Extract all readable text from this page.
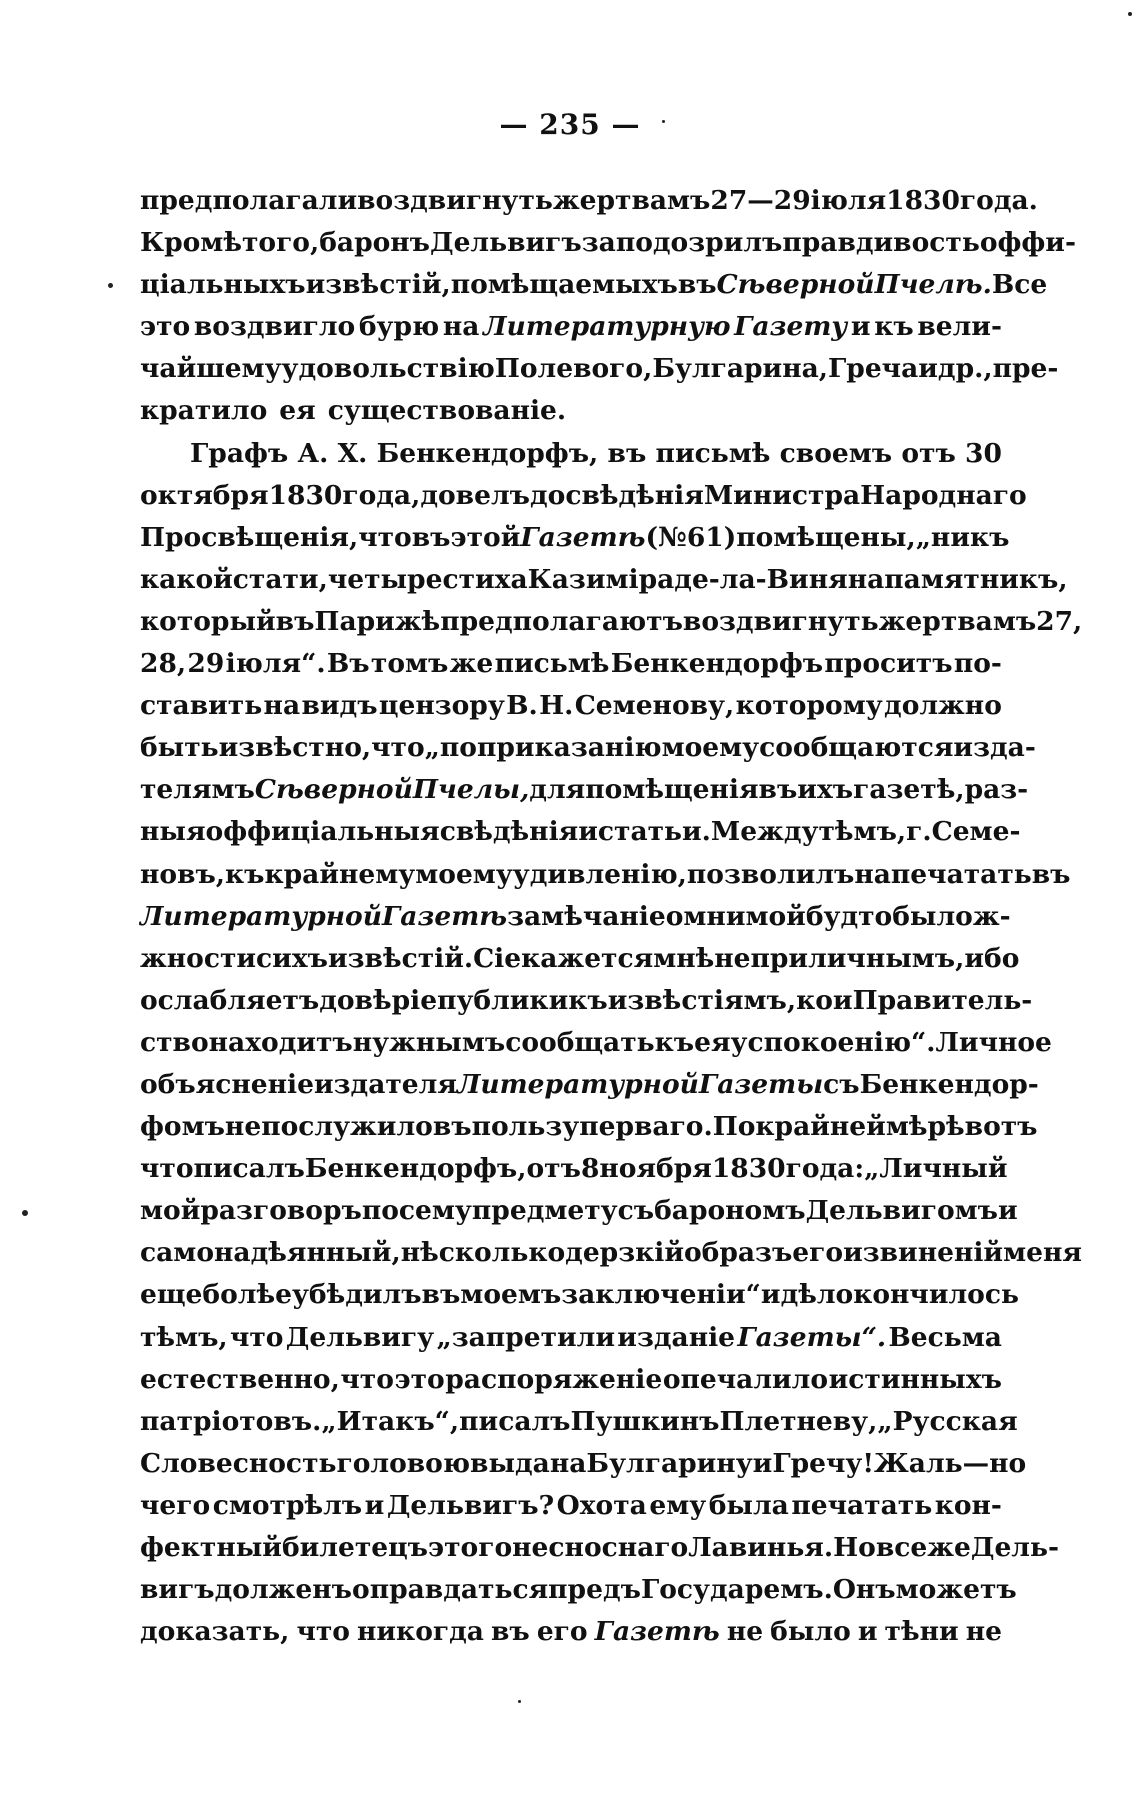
— 235 —
предполагали воздвигнуть жертвамъ 27—29 іюля 1830 года.
Кромѣ того, баронъ Дельвигъ заподозрилъ правдивость оффи-
ціальныхъ извѣстій, помѣщаемыхъ въ Сѣверной Пчелѣ. Все
это воздвигло бурю на Литературную Газету и къ вели-
чайшему удовольствію Полевого, Булгарина, Греча и др., пре-
кратило ея существованіе.
Графъ А. Х. Бенкендорфъ, въ письмѣ своемъ отъ 30
октября 1830 года, довелъ до свѣдѣнія Министра Народнаго
Просвѣщенія, что въ этой Газетѣ (№ 61) помѣщены, „ни къ
какой стати, четыре стиха Казиміра де-ла-Виня на памятникъ,
который въ Парижѣ предполагаютъ воздвигнуть жертвамъ 27,
28, 29 іюля“. Въ томъ же письмѣ Бенкендорфъ проситъ по-
ставить на видъ цензору В. Н. Семенову, которому должно
быть извѣстно, что „по приказанію моему сообщаются изда-
телямъ Сѣверной Пчелы, для помѣщенія въ ихъ газетѣ, раз-
ныя оффиціальныя свѣдѣнія и статьи. Между тѣмъ, г. Семе-
новъ, къ крайнему моему удивленію, позволилъ напечатать въ
Литературной Газетѣ замѣчаніе о мнимой будто бы лож-
жности сихъ извѣстій. Сіе кажется мнѣ неприличнымъ, ибо
ослабляетъ довѣріе публики къ извѣстіямъ, кои Правитель-
ство находитъ нужнымъ сообщать къ ея успокоенію“. Личное
объясненіе издателя Литературной Газеты съ Бенкендор-
фомъ не послужило въ пользу перваго. По крайней мѣрѣ вотъ
что писалъ Бенкендорфъ, отъ 8 ноября 1830 года: „Личный
мой разговоръ по сему предмету съ барономъ Дельвигомъ и
самонадѣянный, нѣсколько дерзкій образъ его извиненій меня
еще болѣе убѣдилъ въ моемъ заключеніи“ и дѣло кончилось
тѣмъ, что Дельвигу „запретили изданіе Газеты“. Весьма
естественно, что это распоряженіе опечалило истинныхъ
патріотовъ. „И такъ“, писалъ Пушкинъ Плетневу, „Русская
Словесность головою выдана Булгарину и Гречу! Жаль—но
чего смотрѣлъ и Дельвигъ? Охота ему была печатать кон-
фектный билетецъ этого несноснаго Лавинья. Но все же Дель-
вигъ долженъ оправдаться предъ Государемъ. Онъ можетъ
доказать, что никогда въ его Газетѣ не было и тѣни не
